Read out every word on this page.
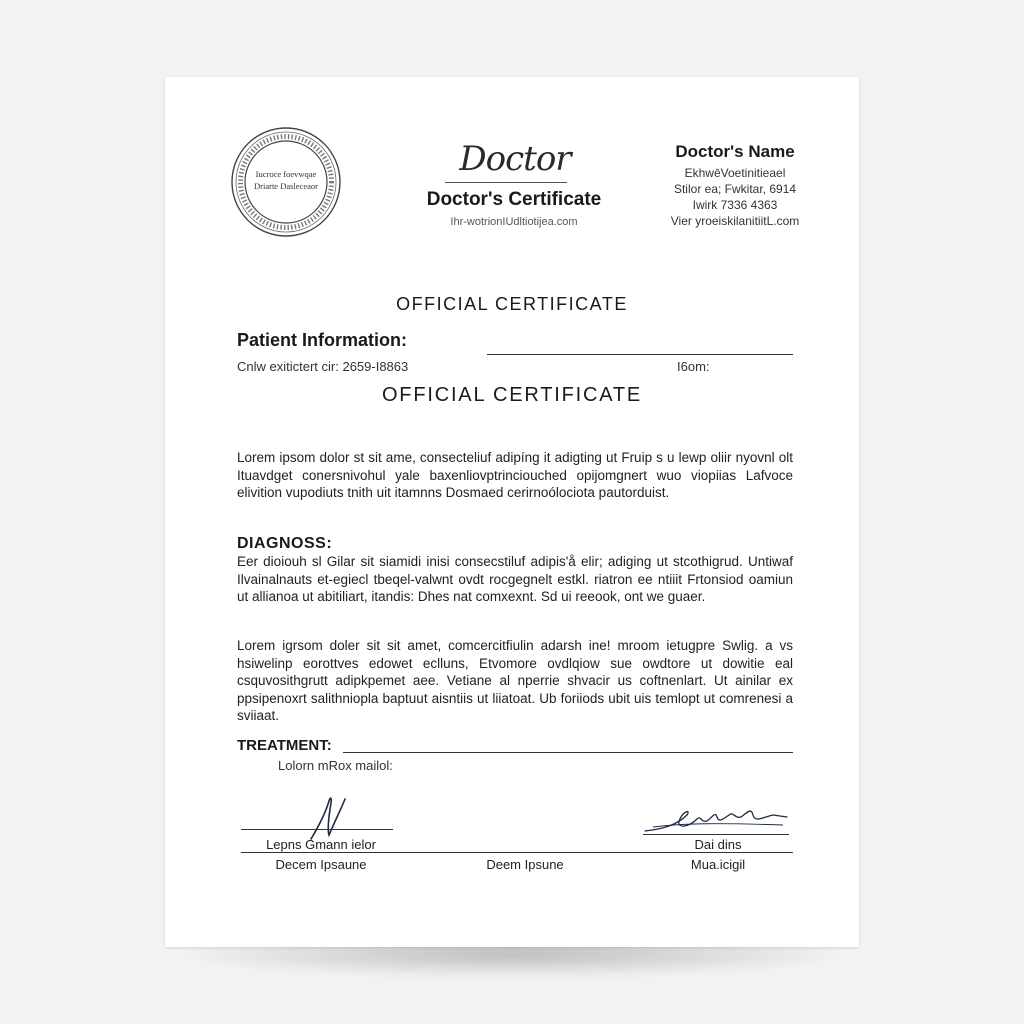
Iucroce foevwqae
Driarte Dasleceaor
Doctor
Doctor's Certificate
Ihr-wotrionIUdltiotijea.com
Doctor's Name
EkhwēVoetinitieael
Stilor ea; Fwkitar, 6914
Iwirk 7336 4363
Vier yroeiskilanitiitL.com
OFFICIAL CERTIFICATE
Patient Information:
Cnlw exitictert cir: 2659-I8863	I6om:
OFFICIAL CERTIFICATE
Lorem ipsom dolor st sit ame, consecteliuf adipíng it adigting ut Fruip s u lewp oliir nyovnl olt Ituavdget conersnivohul yale baxenliovptrinciouched opijomgnert wuo viopiias Lafvoce elivition vupodiuts tnith uit itamnns Dosmaed cerirnoólociota pautorduist.
DIAGNOSS:
Eer dioiouh sl Gilar sit siamidi inisi consecstiluf adipis'å elir; adiging ut stcothigrud. Untiwaf Ilvainalnauts et-egiecl tbeqel-valwnt ovdt rocgegnelt estkl. riatron ee ntiiit Frtonsiod oamiun ut allianoa ut abitiliart, itandis: Dhes nat comxexnt. Sd ui reeook, ont we guaer.
Lorem igrsom doler sit sit amet, comcercitfiulin adarsh ine! mroom ietugpre Swlig. a vs hsiwelinp eorottves edowet eclluns, Etvomore ovdlqiow sue owdtore ut dowitie eal csquvosithgrutt adipkpemet aee. Vetiane al nperrie shvacir us coftnenlart. Ut ainilar ex ppsipenoxrt salithniopla baptuut aisntiis ut liiatoat. Ub foriiods ubit uis temlopt ut comrenesi a sviiaat.
TREATMENT:
Lolorn mRox mailol:
Lepns Gmann ielor
Decem Ipsaune	Deem Ipsune
Dai dins
Mua.icigil
